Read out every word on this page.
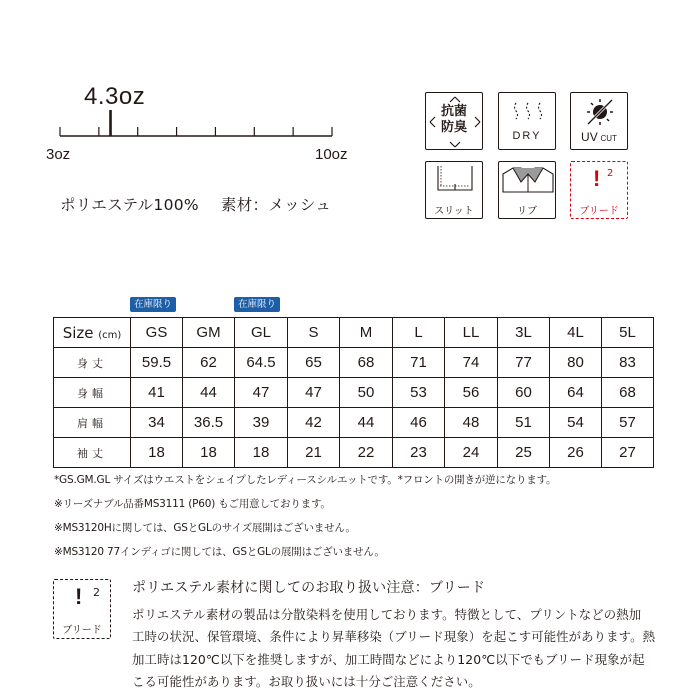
4.3oz
3oz	10oz
ポリエステル100% 素材：メッシュ
抗菌
防臭
DRY	UV CUT
スリット	リブ
! 2
ブリード
在庫限り	在庫限り
Size (cm)	GS	GM	GL	S	M	L	LL	3L	4L	5L
身丈	59.5	62	64.5	65	68	71	74	77	80	83
身幅	41	44	47	47	50	53	56	60	64	68
肩幅	34	36.5	39	42	44	46	48	51	54	57
袖丈	18	18	18	21	22	23	24	25	26	27
*GS.GM.GL サイズはウエストをシェイプしたレディースシルエットです。*フロントの開きが逆になります。
※リーズナブル品番MS3111 (P60) もご用意しております。
※MS3120Hに関しては、GSとGLのサイズ展開はございません。
※MS3120 77インディゴに関しては、GSとGLの展開はございません。
! 2
ブリード
ポリエステル素材に関してのお取り扱い注意：ブリード
ポリエステル素材の製品は分散染料を使用しております。特徴として、プリントなどの熱加
工時の状況、保管環境、条件により昇華移染（ブリード現象）を起こす可能性があります。熱
加工時は120℃以下を推奨しますが、加工時間などにより120℃以下でもブリード現象が起
こる可能性があります。お取り扱いには十分ご注意ください。
